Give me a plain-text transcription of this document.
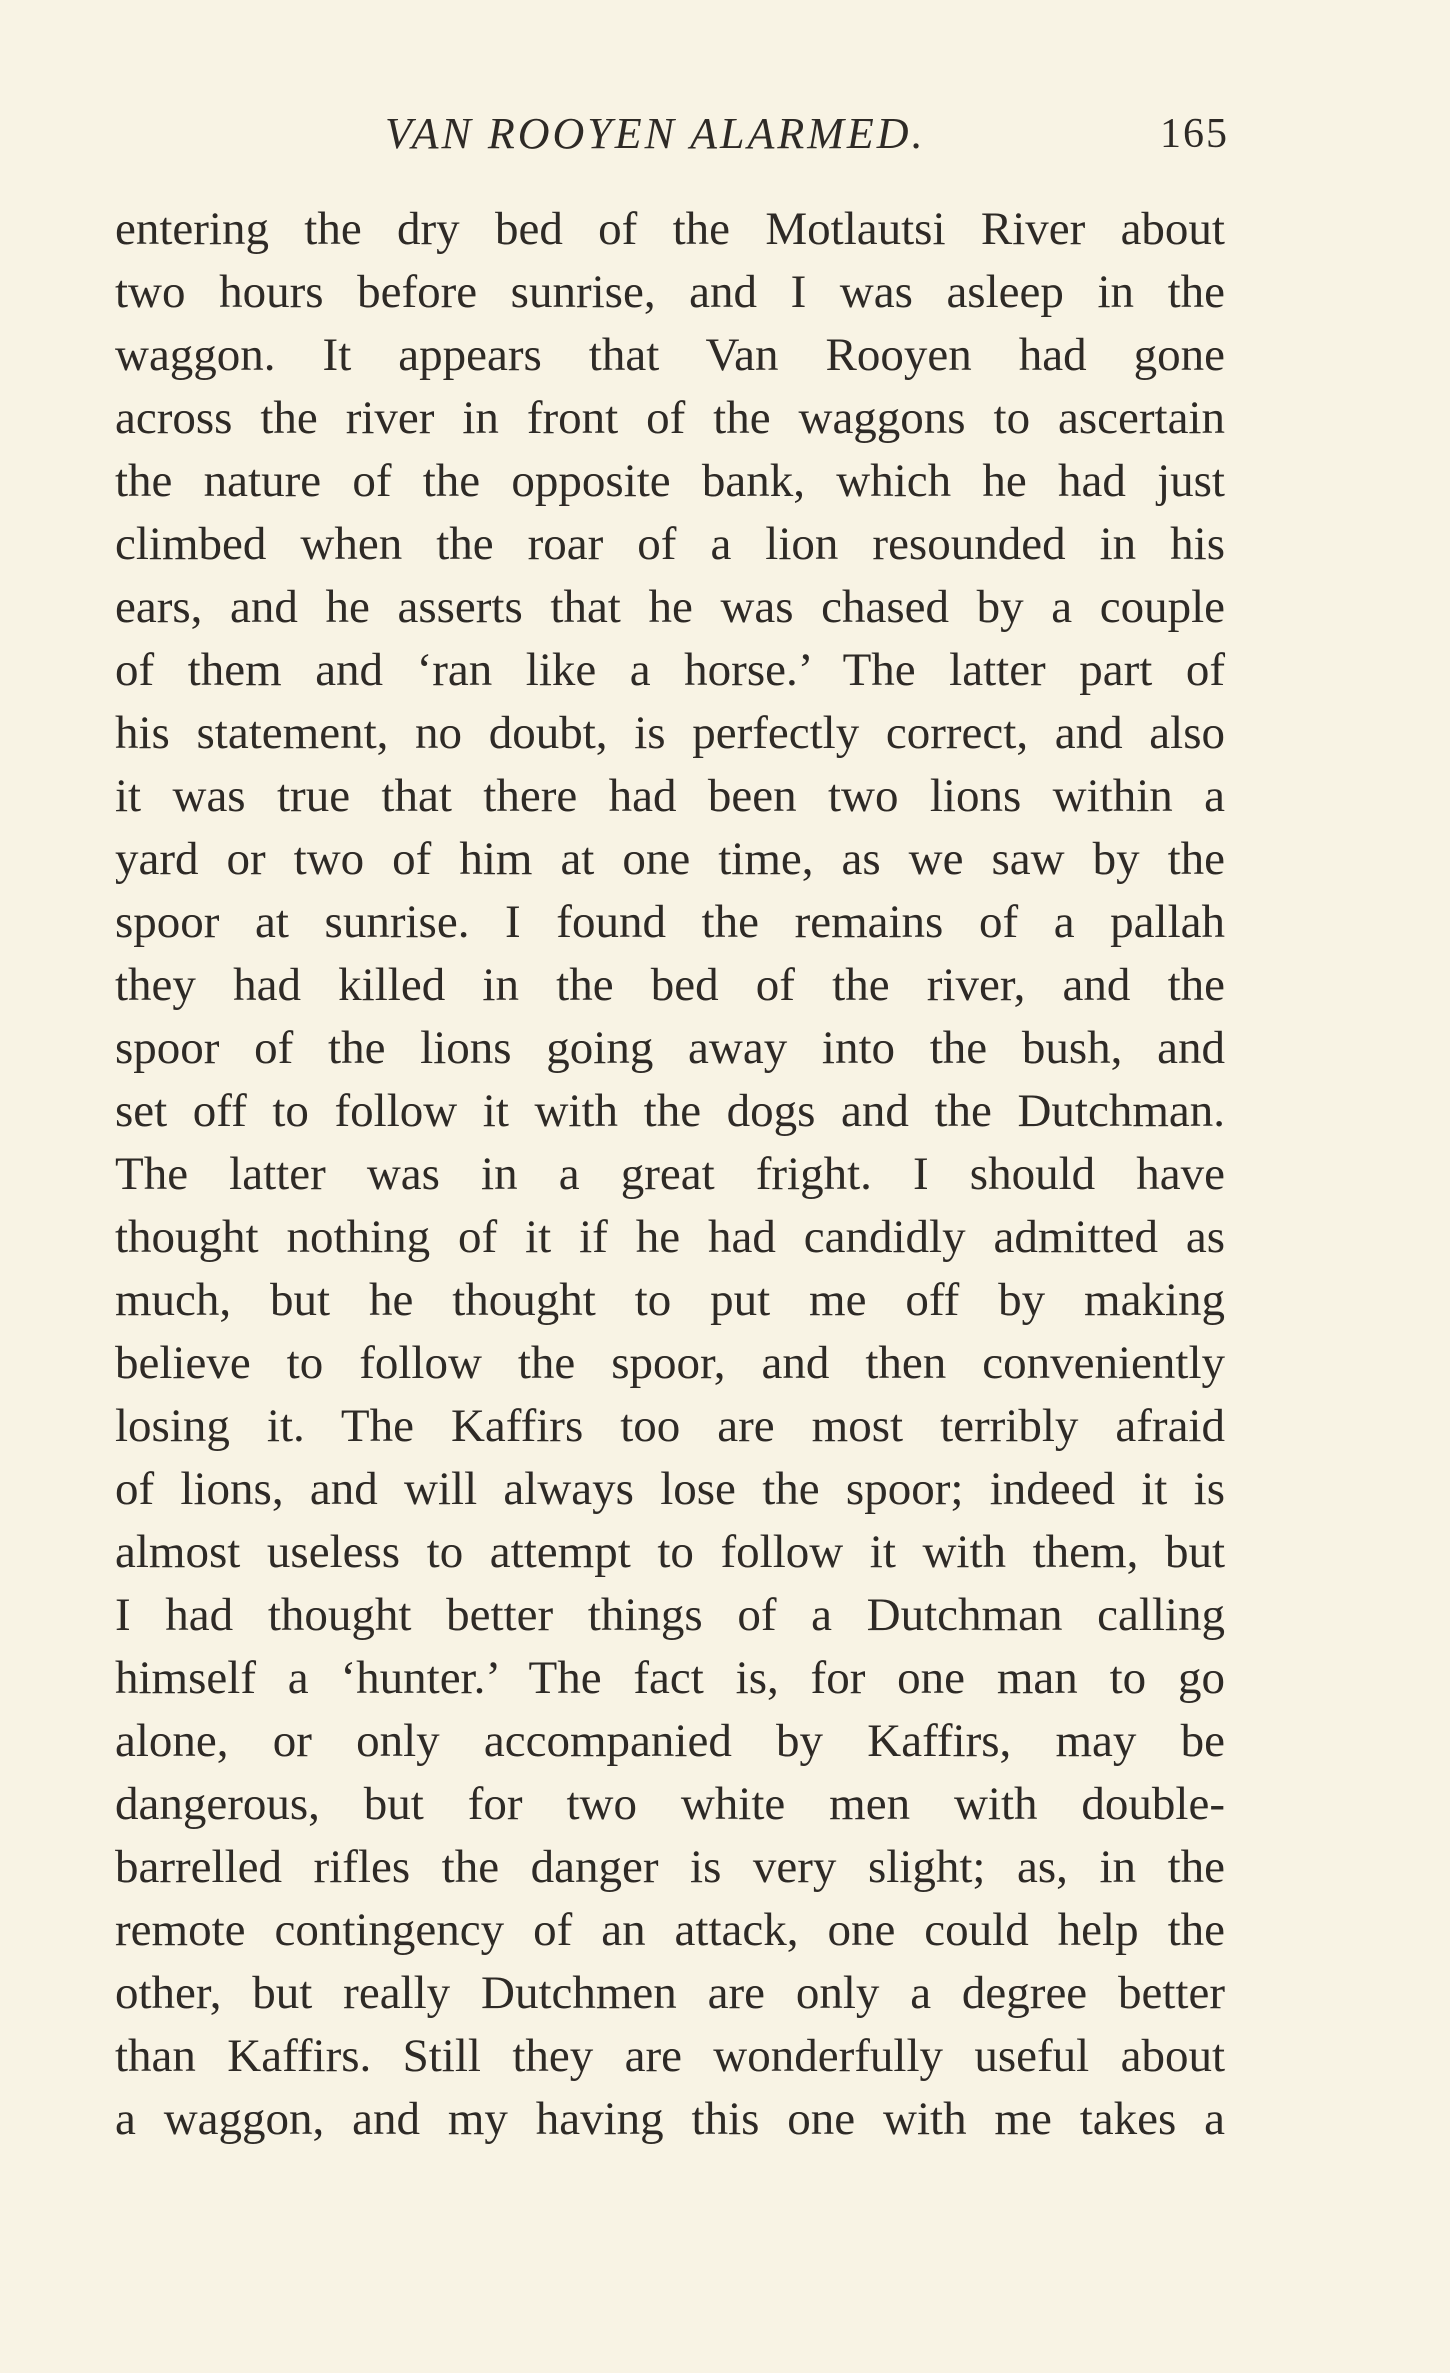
VAN ROOYEN ALARMED.	165
entering the dry bed of the Motlautsi River about
two hours before sunrise, and I was asleep in the
waggon. It appears that Van Rooyen had gone
across the river in front of the waggons to ascertain
the nature of the opposite bank, which he had just
climbed when the roar of a lion resounded in his
ears, and he asserts that he was chased by a couple
of them and ‘ran like a horse.’ The latter part of
his statement, no doubt, is perfectly correct, and also
it was true that there had been two lions within a
yard or two of him at one time, as we saw by the
spoor at sunrise. I found the remains of a pallah
they had killed in the bed of the river, and the
spoor of the lions going away into the bush, and
set off to follow it with the dogs and the Dutchman.
The latter was in a great fright. I should have
thought nothing of it if he had candidly admitted as
much, but he thought to put me off by making
believe to follow the spoor, and then conveniently
losing it. The Kaffirs too are most terribly afraid
of lions, and will always lose the spoor; indeed it is
almost useless to attempt to follow it with them, but
I had thought better things of a Dutchman calling
himself a ‘hunter.’ The fact is, for one man to go
alone, or only accompanied by Kaffirs, may be
dangerous, but for two white men with double-
barrelled rifles the danger is very slight; as, in the
remote contingency of an attack, one could help the
other, but really Dutchmen are only a degree better
than Kaffirs. Still they are wonderfully useful about
a waggon, and my having this one with me takes a
